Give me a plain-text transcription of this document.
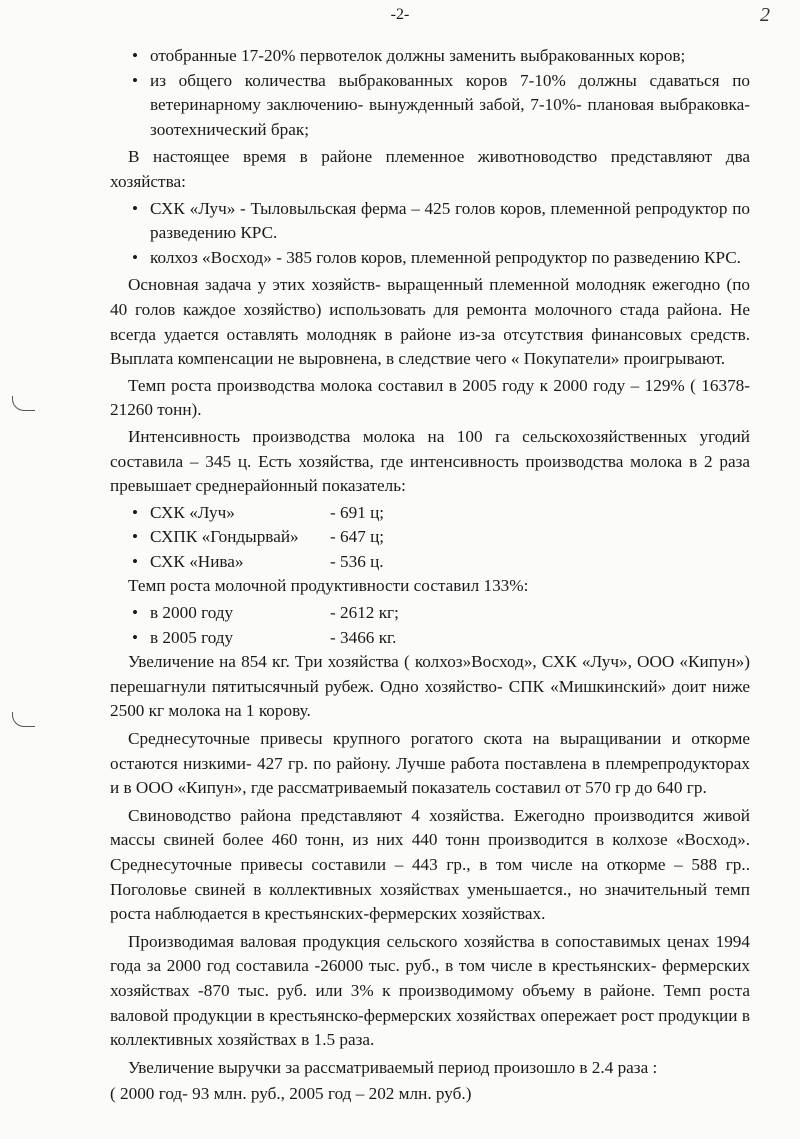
-2-	2
• отобранные 17-20% первотелок должны заменить выбракованных коров;
• из общего количества выбракованных коров 7-10% должны сдаваться по ветеринарному заключению- вынужденный забой, 7-10%- плановая выбраковка- зоотехнический брак;

В настоящее время в районе племенное животноводство представляют два хозяйства:

• СХК «Луч» - Тыловыльская ферма – 425 голов коров, племенной репродуктор по разведению КРС.
• колхоз «Восход» - 385 голов коров, племенной репродуктор по разведению КРС.

Основная задача у этих хозяйств- выращенный племенной молодняк ежегодно (по 40 голов каждое хозяйство) использовать для ремонта молочного стада района. Не всегда удается оставлять молодняк в районе из-за отсутствия финансовых средств. Выплата компенсации не выровнена, в следствие чего « Покупатели» проигрывают.

Темп роста производства молока составил в 2005 году к 2000 году – 129% ( 16378-21260 тонн).

Интенсивность производства молока на 100 га сельскохозяйственных угодий составила – 345 ц. Есть хозяйства, где интенсивность производства молока в 2 раза превышает среднерайонный показатель:

• СХК «Луч»	- 691 ц;
• СХПК «Гондырвай»	- 647 ц;
• СХК «Нива»	- 536 ц.

Темп роста молочной продуктивности составил 133%:

• в 2000 году	- 2612 кг;
• в 2005 году	- 3466 кг.

Увеличение на 854 кг. Три хозяйства ( колхоз»Восход», СХК «Луч», ООО «Кипун») перешагнули пятитысячный рубеж. Одно хозяйство- СПК «Мишкинский» доит ниже 2500 кг молока на 1 корову.

Среднесуточные привесы крупного рогатого скота на выращивании и откорме остаются низкими- 427 гр. по району. Лучше работа поставлена в племрепродукторах и в ООО «Кипун», где рассматриваемый показатель составил от 570 гр до 640 гр.

Свиноводство района представляют 4 хозяйства. Ежегодно производится живой массы свиней более 460 тонн, из них 440 тонн производится в колхозе «Восход». Среднесуточные привесы составили – 443 гр., в том числе на откорме – 588 гр.. Поголовье свиней в коллективных хозяйствах уменьшается., но значительный темп роста наблюдается в крестьянских-фермерских хозяйствах.

Производимая валовая продукция сельского хозяйства в сопоставимых ценах 1994 года за 2000 год составила -26000 тыс. руб., в том числе в крестьянских- фермерских хозяйствах -870 тыс. руб. или 3% к производимому объему в районе. Темп роста валовой продукции в крестьянско-фермерских хозяйствах опережает рост продукции в коллективных хозяйствах в 1.5 раза.

Увеличение выручки за рассматриваемый период произошло в 2.4 раза :

( 2000 год- 93 млн. руб., 2005 год – 202 млн. руб.)
